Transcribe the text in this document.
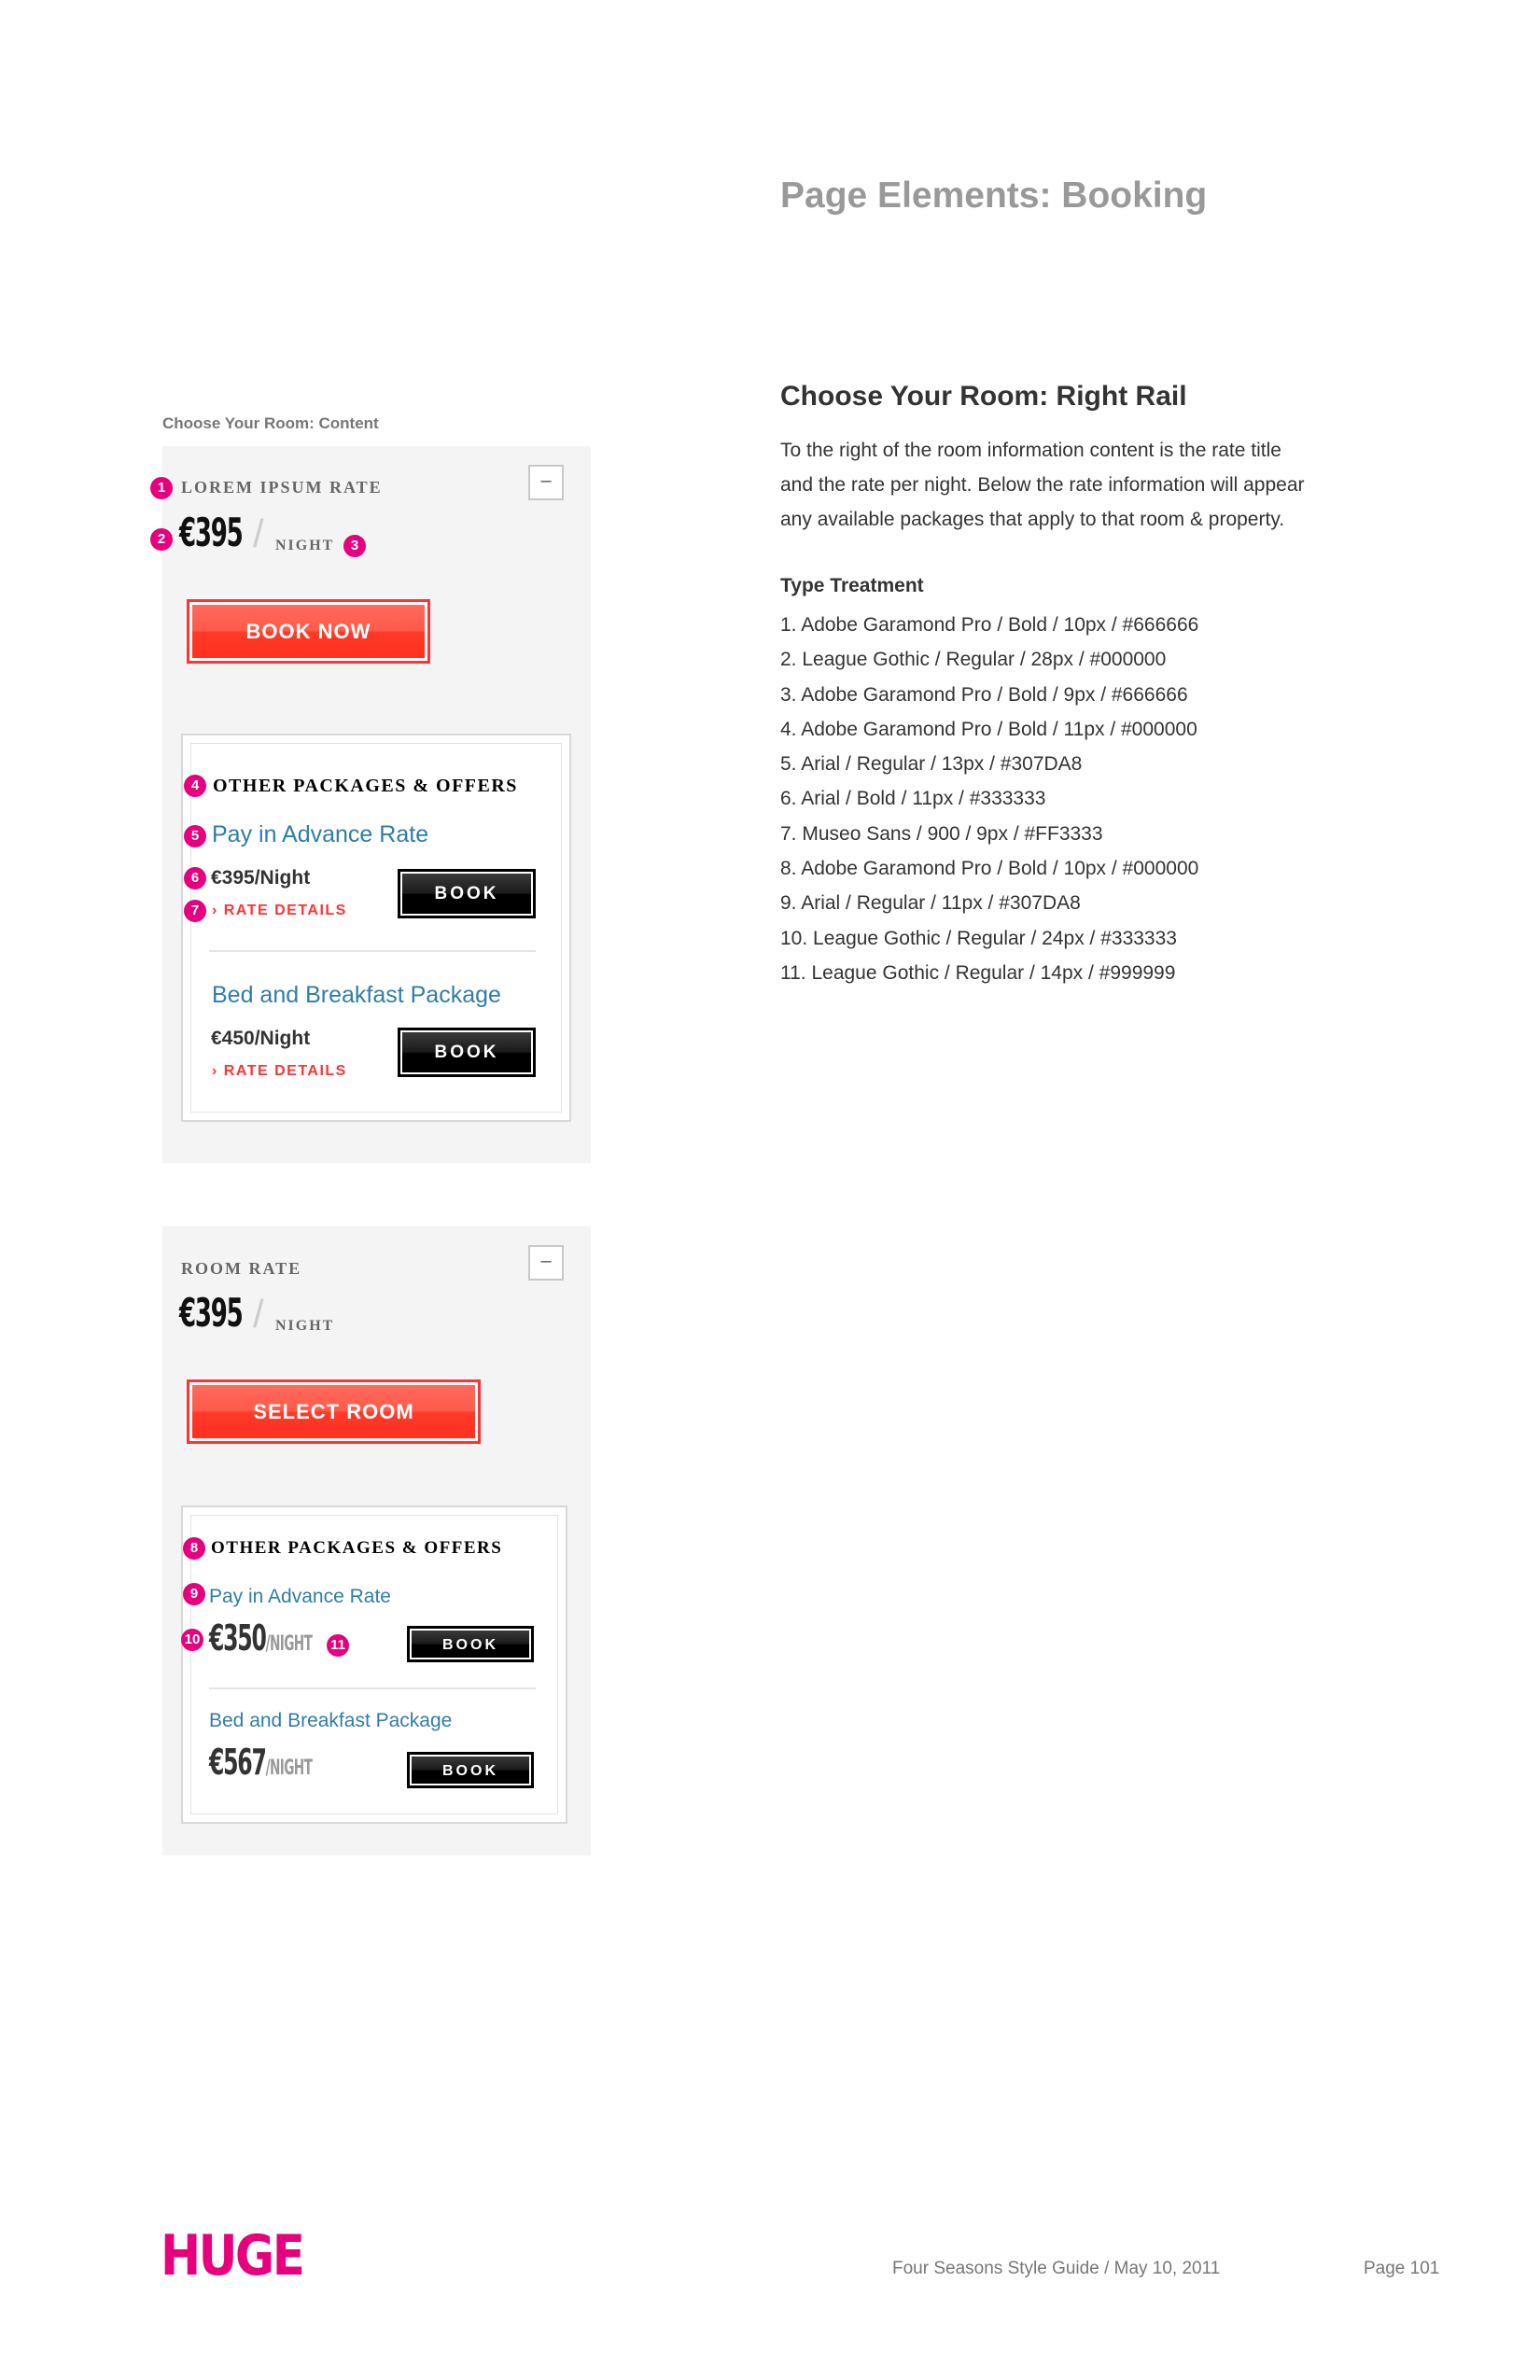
Page Elements: Booking
Choose Your Room: Right Rail
To the right of the room information content is the rate title
and the rate per night. Below the rate information will appear
any available packages that apply to that room & property.
Type Treatment
1. Adobe Garamond Pro / Bold / 10px / #666666
2. League Gothic / Regular / 28px / #000000
3. Adobe Garamond Pro / Bold / 9px / #666666
4. Adobe Garamond Pro / Bold / 11px / #000000
5. Arial / Regular / 13px / #307DA8
6. Arial / Bold / 11px / #333333
7. Museo Sans / 900 / 9px / #FF3333
8. Adobe Garamond Pro / Bold / 10px / #000000
9. Arial / Regular / 11px / #307DA8
10. League Gothic / Regular / 24px / #333333
11. League Gothic / Regular / 14px / #999999
Choose Your Room: Content
–
1 LOREM IPSUM RATE
2 €395 / NIGHT	3
BOOK NOW
4 OTHER PACKAGES & OFFERS
5 Pay in Advance Rate
6 €395/Night
7 › RATE DETAILS
BOOK
Bed and Breakfast Package
€450/Night
› RATE DETAILS
BOOK
–
ROOM RATE
€395 / NIGHT
SELECT ROOM
8 OTHER PACKAGES & OFFERS
9 Pay in Advance Rate
10 €350/NIGHT 11	BOOK
Bed and Breakfast Package
€567/NIGHT	BOOK
HUGE	Four Seasons Style Guide / May 10, 2011	Page 101
